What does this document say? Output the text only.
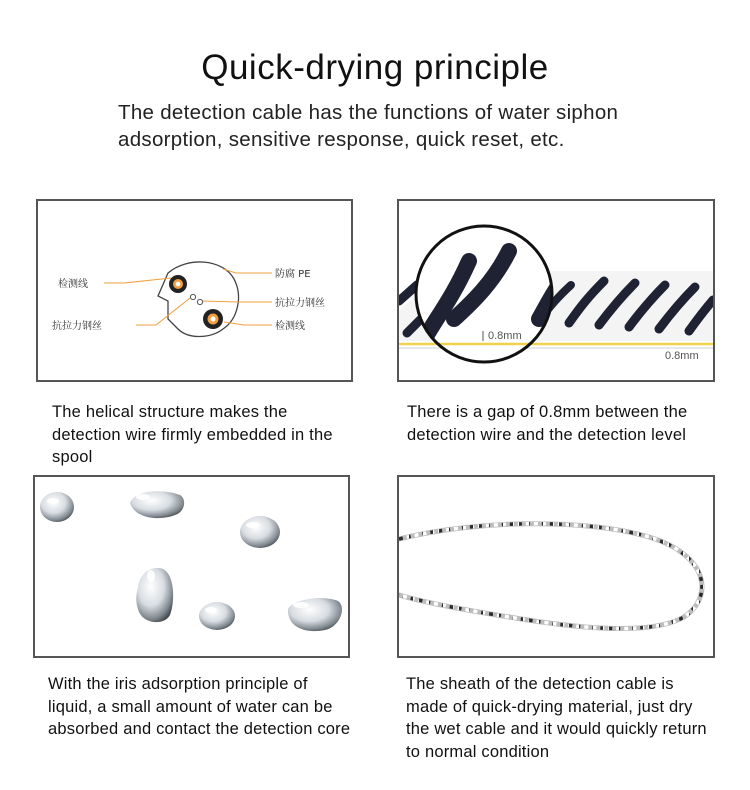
Quick-drying principle
The detection cable has the functions of water siphon adsorption, sensitive response, quick reset, etc.
检测线
抗拉力钢丝
防腐 PE
抗拉力钢丝
检测线
0.8mm
0.8mm
The helical structure makes the detection wire firmly embedded in the spool
There is a gap of 0.8mm between the detection wire and the detection level
With the iris adsorption principle of liquid, a small amount of water can be absorbed and contact the detection core
The sheath of the detection cable is made of quick-drying material, just dry the wet cable and it would quickly return to normal condition
